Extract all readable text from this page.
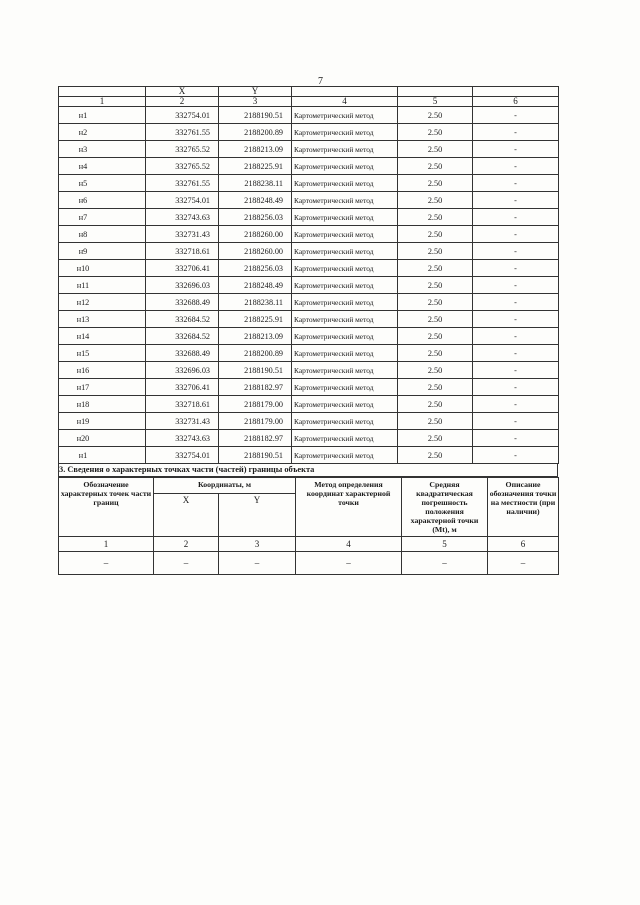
7
	X	Y			
1	2	3	4	5	6
н1	332754.01	2188190.51	Картометрический метод	2.50	-
н2	332761.55	2188200.89	Картометрический метод	2.50	-
н3	332765.52	2188213.09	Картометрический метод	2.50	-
н4	332765.52	2188225.91	Картометрический метод	2.50	-
н5	332761.55	2188238.11	Картометрический метод	2.50	-
н6	332754.01	2188248.49	Картометрический метод	2.50	-
н7	332743.63	2188256.03	Картометрический метод	2.50	-
н8	332731.43	2188260.00	Картометрический метод	2.50	-
н9	332718.61	2188260.00	Картометрический метод	2.50	-
н10	332706.41	2188256.03	Картометрический метод	2.50	-
н11	332696.03	2188248.49	Картометрический метод	2.50	-
н12	332688.49	2188238.11	Картометрический метод	2.50	-
н13	332684.52	2188225.91	Картометрический метод	2.50	-
н14	332684.52	2188213.09	Картометрический метод	2.50	-
н15	332688.49	2188200.89	Картометрический метод	2.50	-
н16	332696.03	2188190.51	Картометрический метод	2.50	-
н17	332706.41	2188182.97	Картометрический метод	2.50	-
н18	332718.61	2188179.00	Картометрический метод	2.50	-
н19	332731.43	2188179.00	Картометрический метод	2.50	-
н20	332743.63	2188182.97	Картометрический метод	2.50	-
н1	332754.01	2188190.51	Картометрический метод	2.50	-
3. Сведения о характерных точках части (частей) границы объекта
Обозначение характерных точек части границ	Координаты, м		Метод определения координат характерной точки	Средняя квадратическая погрешность положения характерной точки (Mt), м	Описание обозначения точки на местности (при наличии)
	X	Y			
1	2	3	4	5	6
–	–	–	–	–	–
